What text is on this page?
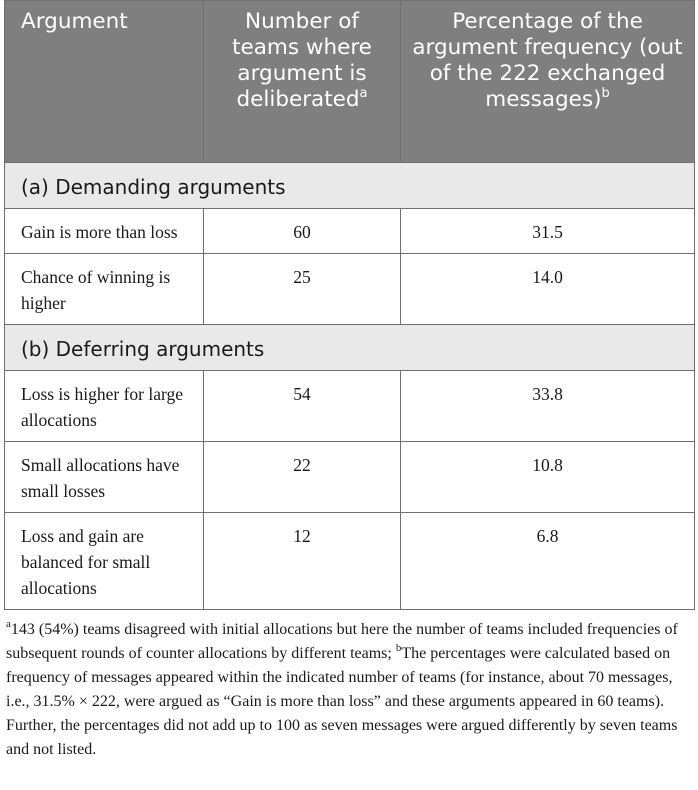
Argument	Number of teams where argument is deliberated$^a$	Percentage of the argument frequency (out of the 222 exchanged messages)$^b$
(a) Demanding arguments		
Gain is more than loss	60	31.5
Chance of winning is higher	25	14.0
(b) Deferring arguments		
Loss is higher for large allocations	54	33.8
Small allocations have small losses	22	10.8
Loss and gain are balanced for small allocations	12	6.8
$^a$143 (54%) teams disagreed with initial allocations but here the number of teams included frequencies of subsequent rounds of counter allocations by different teams; $^b$The percentages were calculated based on frequency of messages appeared within the indicated number of teams (for instance, about 70 messages, i.e., 31.5% × 222, were argued as “Gain is more than loss” and these arguments appeared in 60 teams). Further, the percentages did not add up to 100 as seven messages were argued differently by seven teams and not listed.
